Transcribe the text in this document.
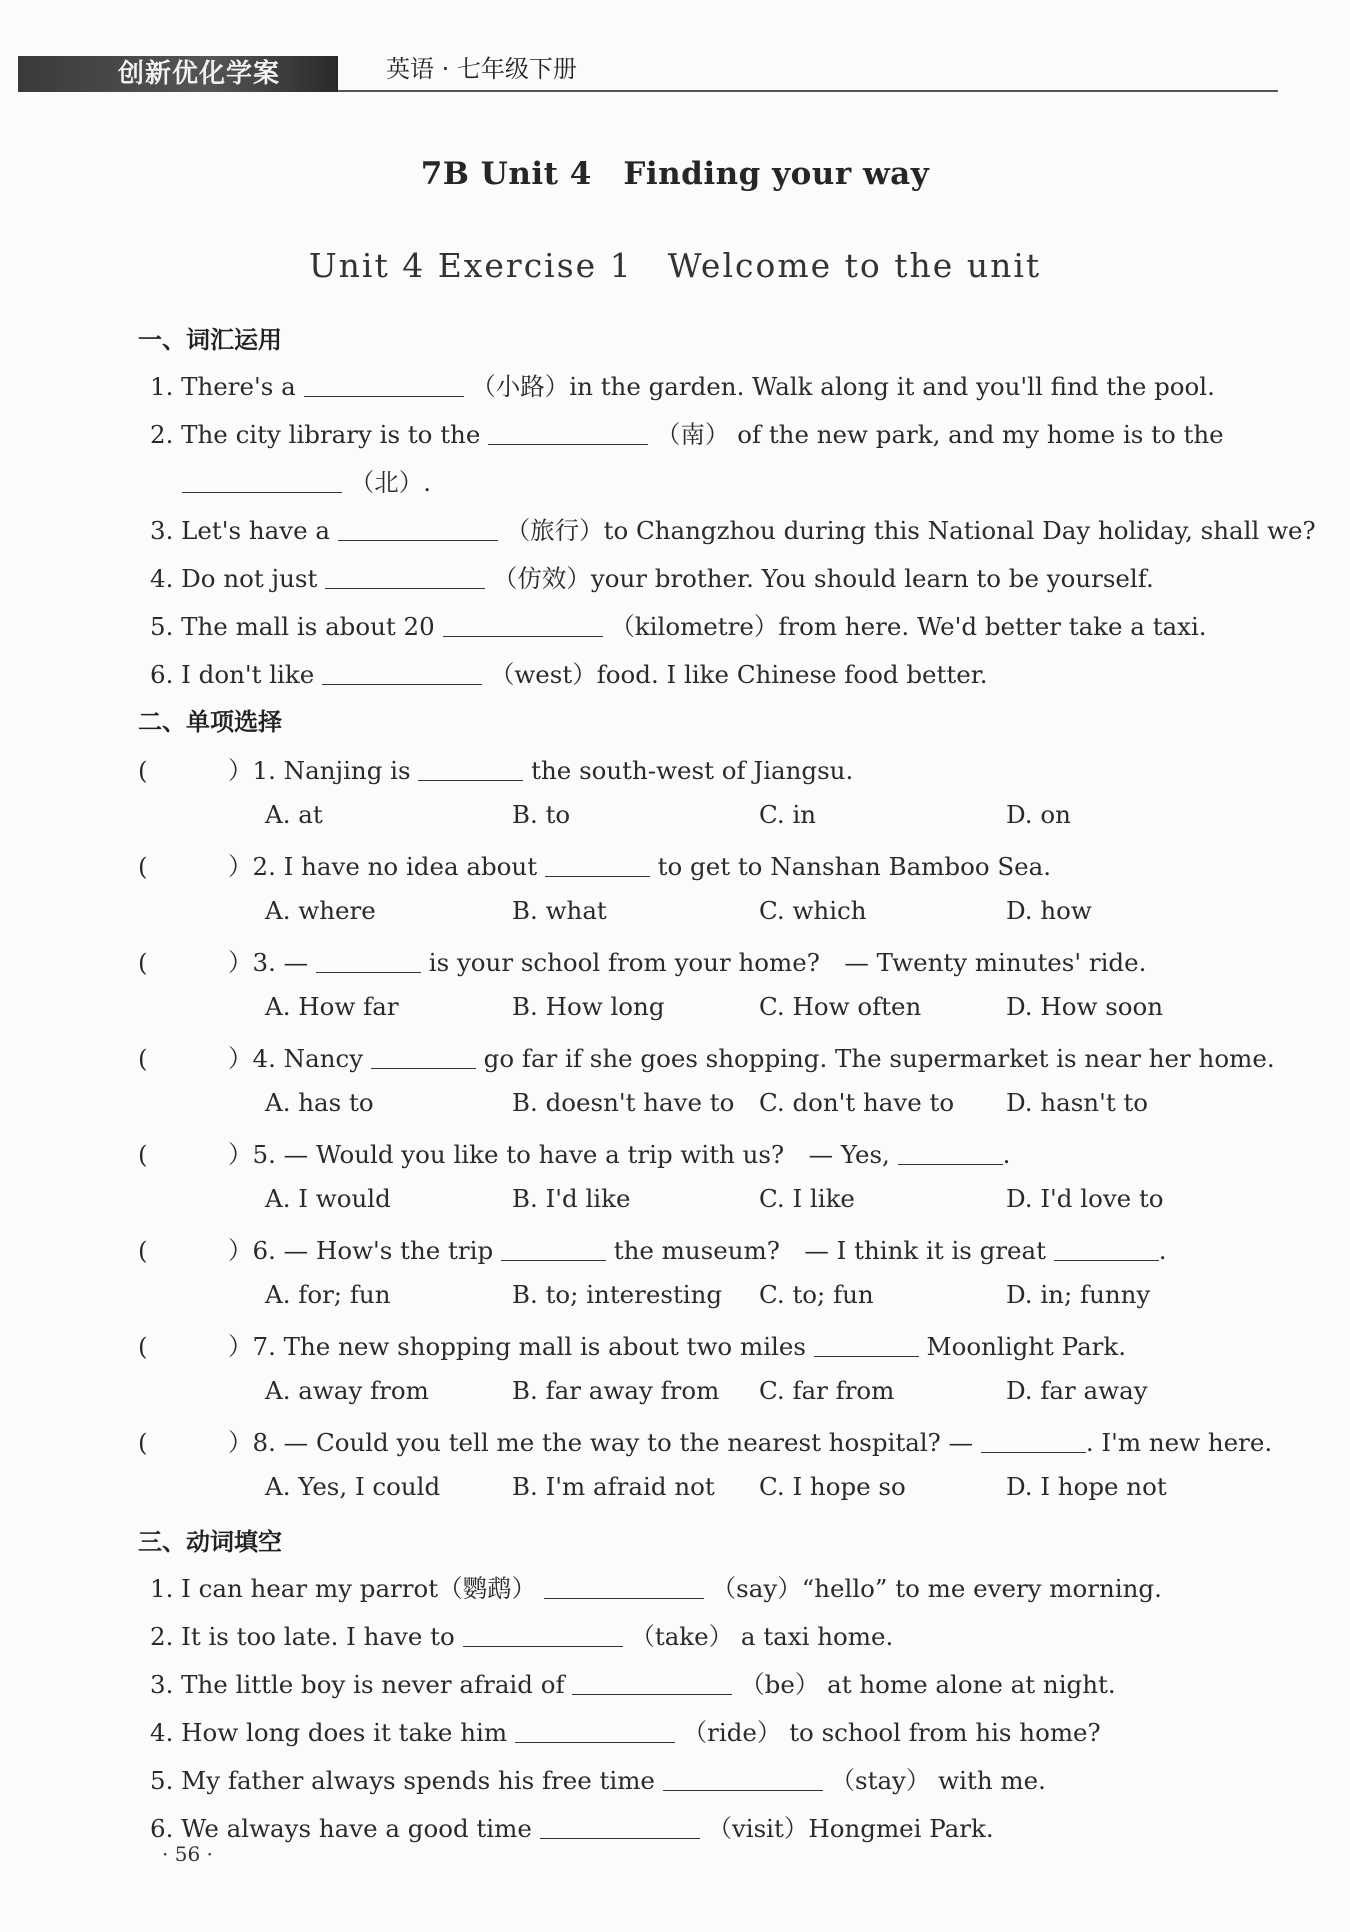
创新优化学案	英语 · 七年级下册
7B Unit 4　Finding your way
Unit 4 Exercise 1　Welcome to the unit
一、词汇运用
1. There's a	（小路）in the garden. Walk along it and you'll find the pool.
2. The city library is to the	（南） of the new park, and my home is to the
（北）.
3. Let's have a	（旅行）to Changzhou during this National Day holiday, shall we?
4. Do not just	（仿效）your brother. You should learn to be yourself.
5. The mall is about 20	（kilometre）from here. We'd better take a taxi.
6. I don't like	（west）food. I like Chinese food better.
二、单项选择
(	）1. Nanjing is	the south-west of Jiangsu.
A. at	B. to	C. in	D. on
(	）2. I have no idea about	to get to Nanshan Bamboo Sea.
A. where	B. what	C. which	D. how
(	）3. —	is your school from your home?　— Twenty minutes' ride.
A. How far	B. How long	C. How often	D. How soon
(	）4. Nancy	go far if she goes shopping. The supermarket is near her home.
A. has to	B. doesn't have to C. don't have to D. hasn't to
(	）5. — Would you like to have a trip with us?　— Yes,	.
A. I would	B. I'd like	C. I like	D. I'd love to
(	）6. — How's the trip	the museum?　— I think it is great	.
A. for; fun	B. to; interesting C. to; fun	D. in; funny
(	）7. The new shopping mall is about two miles	Moonlight Park.
A. away from	B. far away from C. far from	D. far away
(	）8. — Could you tell me the way to the nearest hospital? —	. I'm new here.
A. Yes, I could	B. I'm afraid not C. I hope so	D. I hope not
三、动词填空
1. I can hear my parrot（鹦鹉）	（say）“hello” to me every morning.
2. It is too late. I have to	（take） a taxi home.
3. The little boy is never afraid of	（be） at home alone at night.
4. How long does it take him	（ride） to school from his home?
5. My father always spends his free time	（stay） with me.
6. We always have a good time	（visit）Hongmei Park.
· 56 ·
